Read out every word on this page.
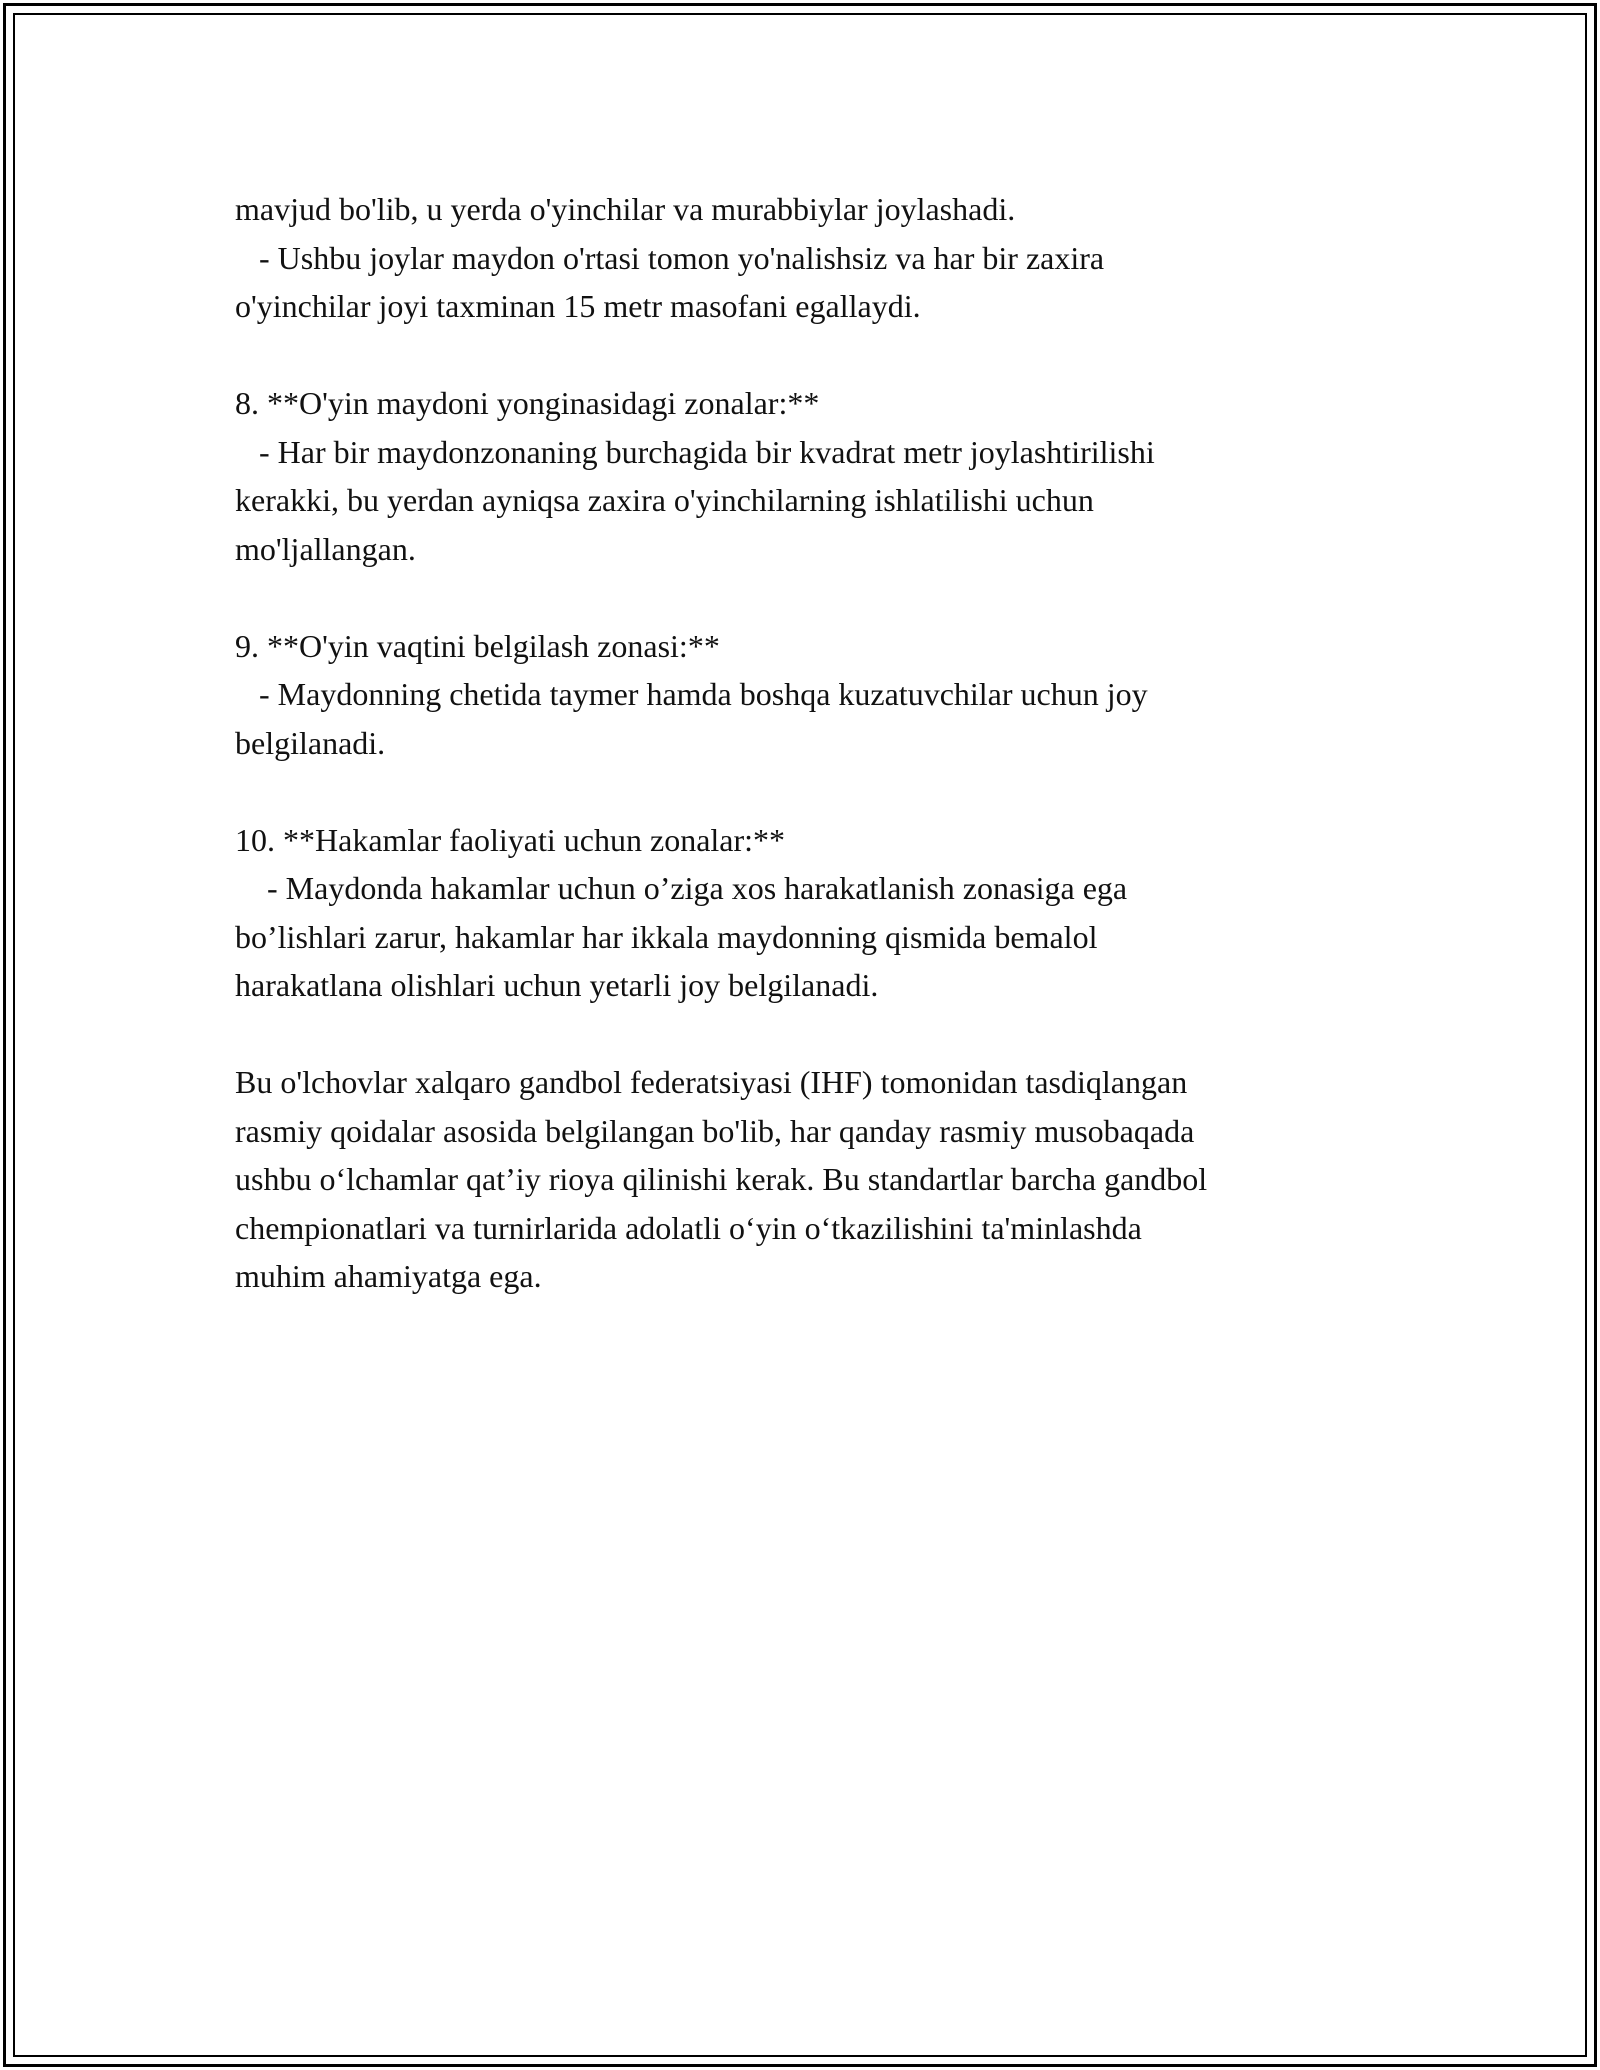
mavjud bo'lib, u yerda o'yinchilar va murabbiylar joylashadi.
- Ushbu joylar maydon o'rtasi tomon yo'nalishsiz va har bir zaxira
o'yinchilar joyi taxminan 15 metr masofani egallaydi.
8. **O'yin maydoni yonginasidagi zonalar:**
- Har bir maydonzonaning burchagida bir kvadrat metr joylashtirilishi
kerakki, bu yerdan ayniqsa zaxira o'yinchilarning ishlatilishi uchun
mo'ljallangan.
9. **O'yin vaqtini belgilash zonasi:**
- Maydonning chetida taymer hamda boshqa kuzatuvchilar uchun joy
belgilanadi.
10. **Hakamlar faoliyati uchun zonalar:**
- Maydonda hakamlar uchun o’ziga xos harakatlanish zonasiga ega
bo’lishlari zarur, hakamlar har ikkala maydonning qismida bemalol
harakatlana olishlari uchun yetarli joy belgilanadi.
Bu o'lchovlar xalqaro gandbol federatsiyasi (IHF) tomonidan tasdiqlangan
rasmiy qoidalar asosida belgilangan bo'lib, har qanday rasmiy musobaqada
ushbu oʻlchamlar qatʼiy rioya qilinishi kerak. Bu standartlar barcha gandbol
chempionatlari va turnirlarida adolatli oʻyin oʻtkazilishini ta'minlashda
muhim ahamiyatga ega.
